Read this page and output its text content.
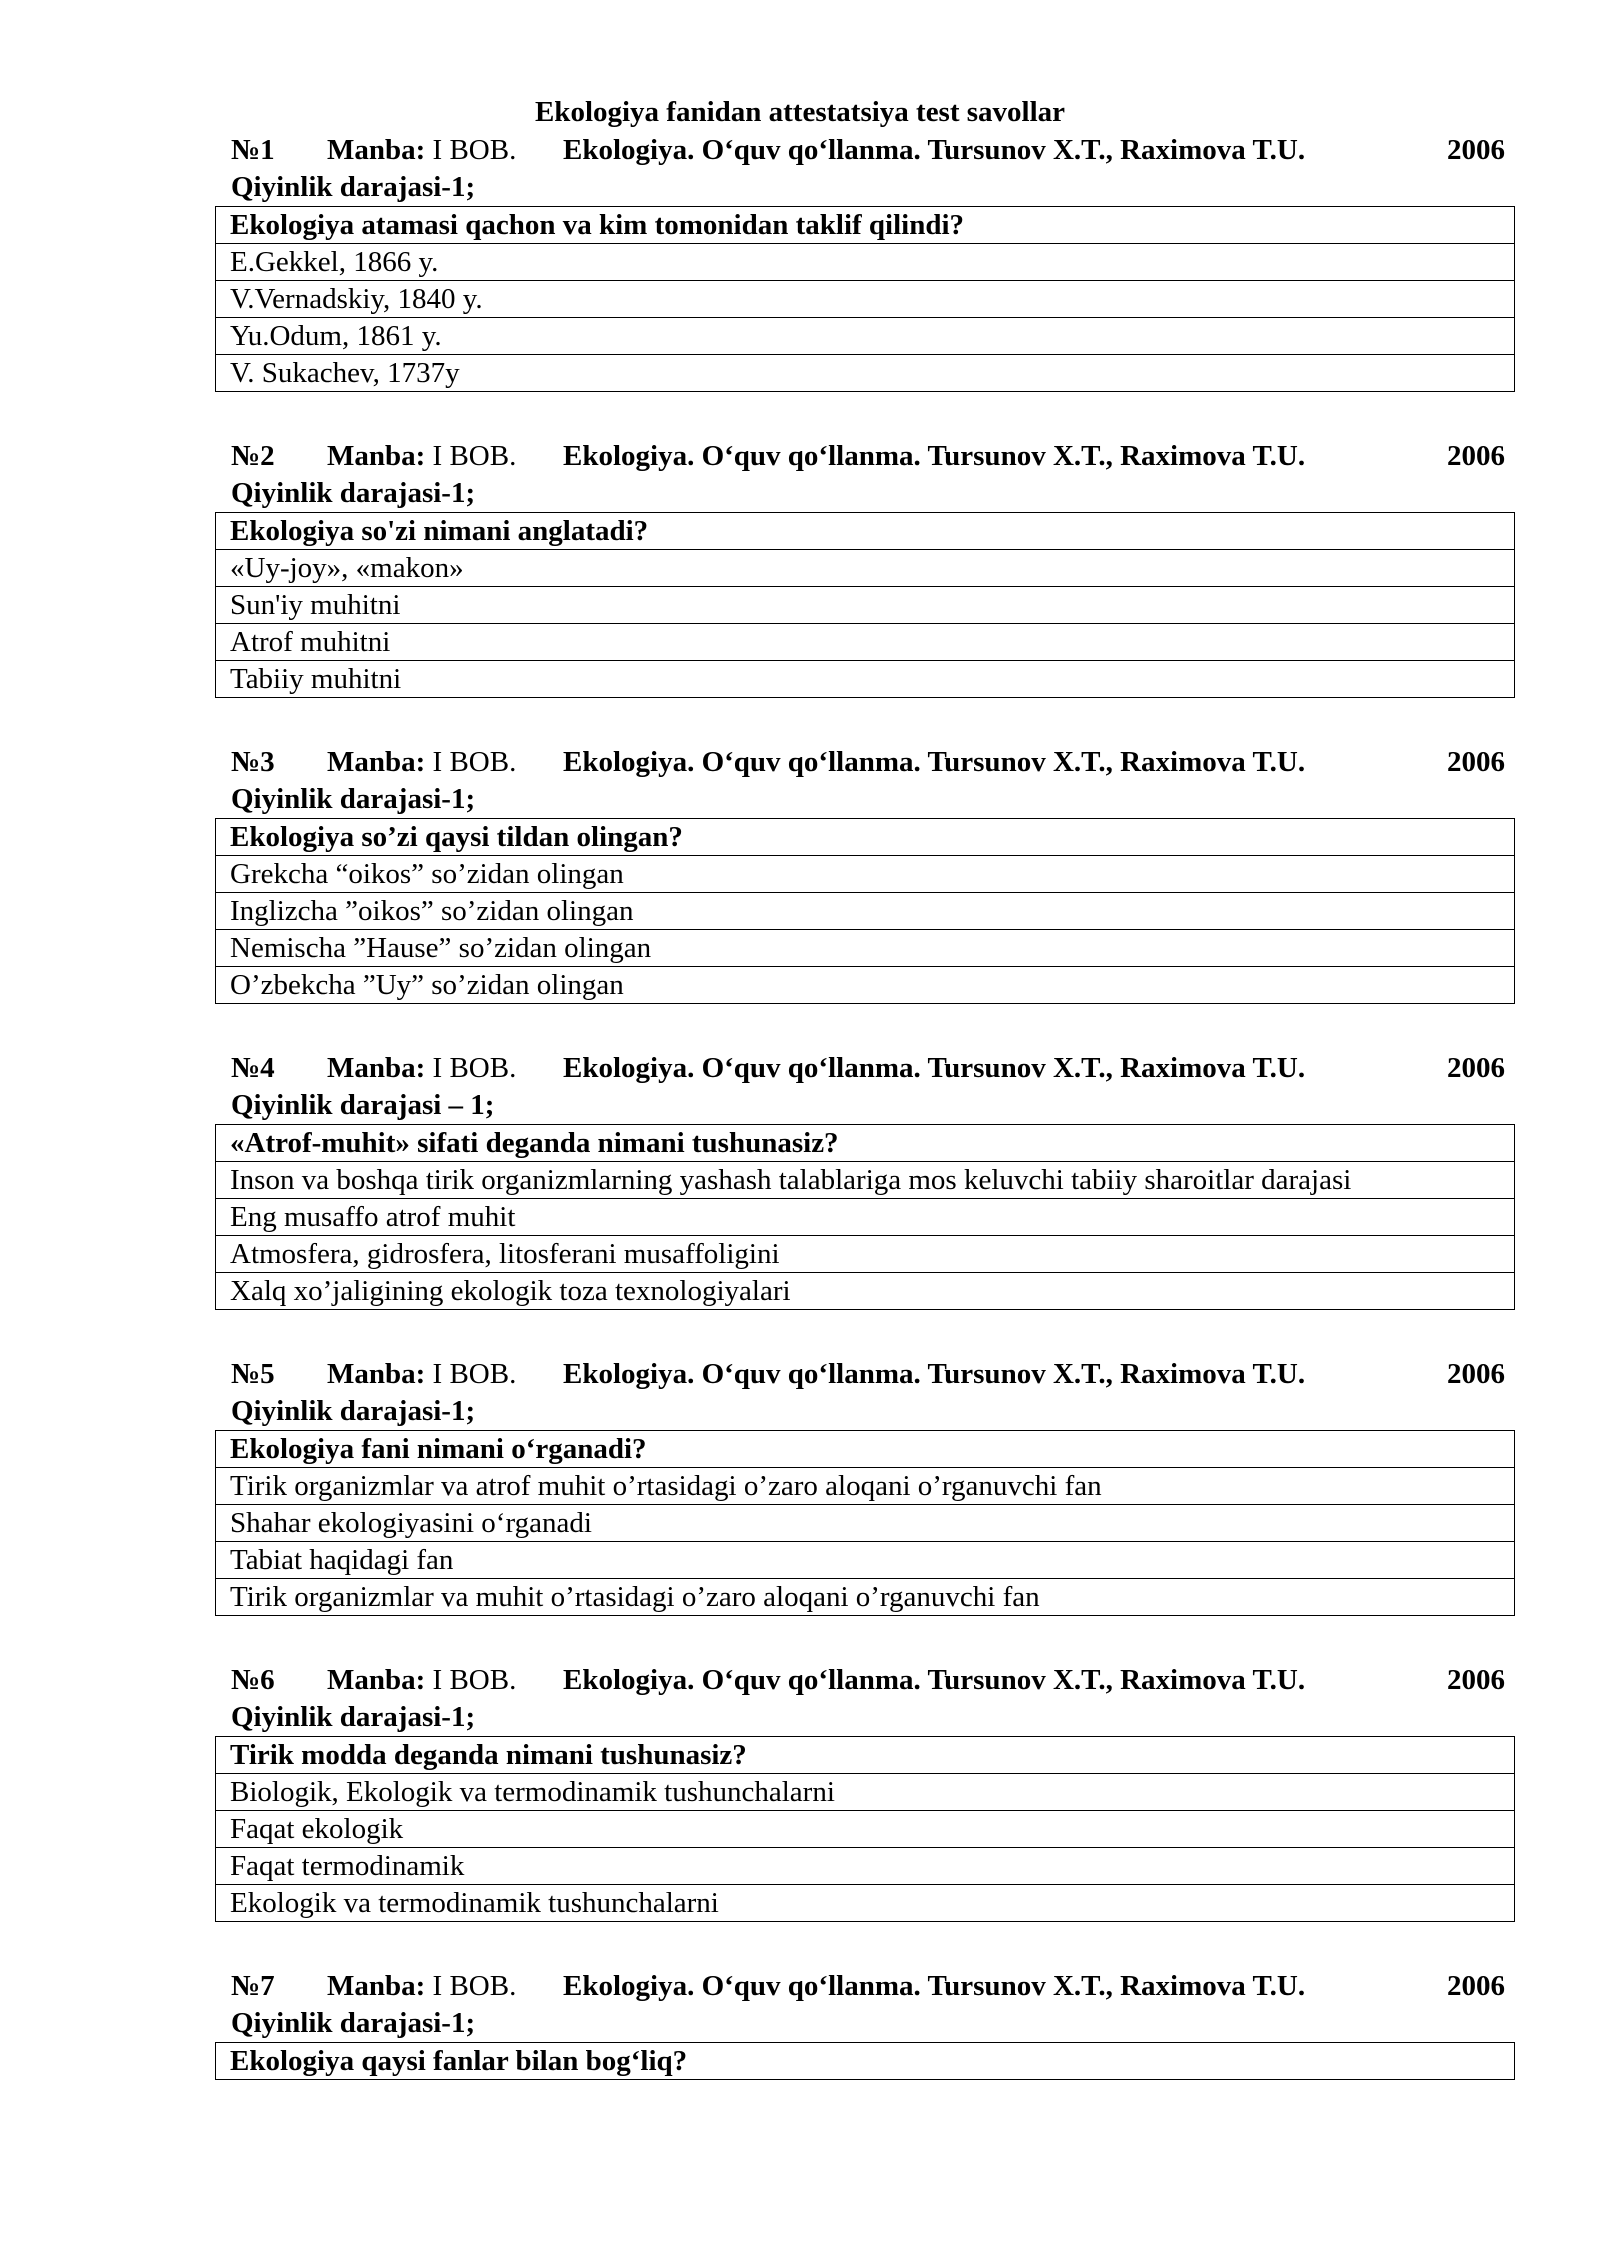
Ekologiya fanidan attestatsiya test savollar
№1 Manba: I BOB. Ekologiya. O‘quv qo‘llanma. Tursunov X.T., Raximova T.U.	2006
Qiyinlik darajasi-1;
Ekologiya atamasi qachon va kim tomonidan taklif qilindi?
E.Gekkel, 1866 y.
V.Vernadskiy, 1840 y.
Yu.Odum, 1861 y.
V. Sukachev, 1737y
№2 Manba: I BOB. Ekologiya. O‘quv qo‘llanma. Tursunov X.T., Raximova T.U.	2006
Qiyinlik darajasi-1;
Ekologiya so'zi nimani anglatadi?
«Uy-joy», «makon»
Sun'iy muhitni
Atrof muhitni
Tabiiy muhitni
№3 Manba: I BOB. Ekologiya. O‘quv qo‘llanma. Tursunov X.T., Raximova T.U.	2006
Qiyinlik darajasi-1;
Ekologiya so’zi qaysi tildan olingan?
Grekcha “oikos” so’zidan olingan
Inglizcha ”oikos” so’zidan olingan
Nemischa ”Hause” so’zidan olingan
O’zbekcha ”Uy” so’zidan olingan
№4 Manba: I BOB. Ekologiya. O‘quv qo‘llanma. Tursunov X.T., Raximova T.U.	2006
Qiyinlik darajasi – 1;
«Atrof-muhit» sifati deganda nimani tushunasiz?
Inson va boshqa tirik organizmlarning yashash talablariga mos keluvchi tabiiy sharoitlar darajasi
Eng musaffo atrof muhit
Atmosfera, gidrosfera, litosferani musaffoligini
Xalq xo’jaligining ekologik toza texnologiyalari
№5 Manba: I BOB. Ekologiya. O‘quv qo‘llanma. Tursunov X.T., Raximova T.U.	2006
Qiyinlik darajasi-1;
Ekologiya fani nimani o‘rganadi?
Tirik organizmlar va atrof muhit o’rtasidagi o’zaro aloqani o’rganuvchi fan
Shahar ekologiyasini o‘rganadi
Tabiat haqidagi fan
Tirik organizmlar va muhit o’rtasidagi o’zaro aloqani o’rganuvchi fan
№6 Manba: I BOB. Ekologiya. O‘quv qo‘llanma. Tursunov X.T., Raximova T.U.	2006
Qiyinlik darajasi-1;
Tirik modda deganda nimani tushunasiz?
Biologik, Ekologik va termodinamik tushunchalarni
Faqat ekologik
Faqat termodinamik
Ekologik va termodinamik tushunchalarni
№7 Manba: I BOB. Ekologiya. O‘quv qo‘llanma. Tursunov X.T., Raximova T.U.	2006
Qiyinlik darajasi-1;
Ekologiya qaysi fanlar bilan bog‘liq?
